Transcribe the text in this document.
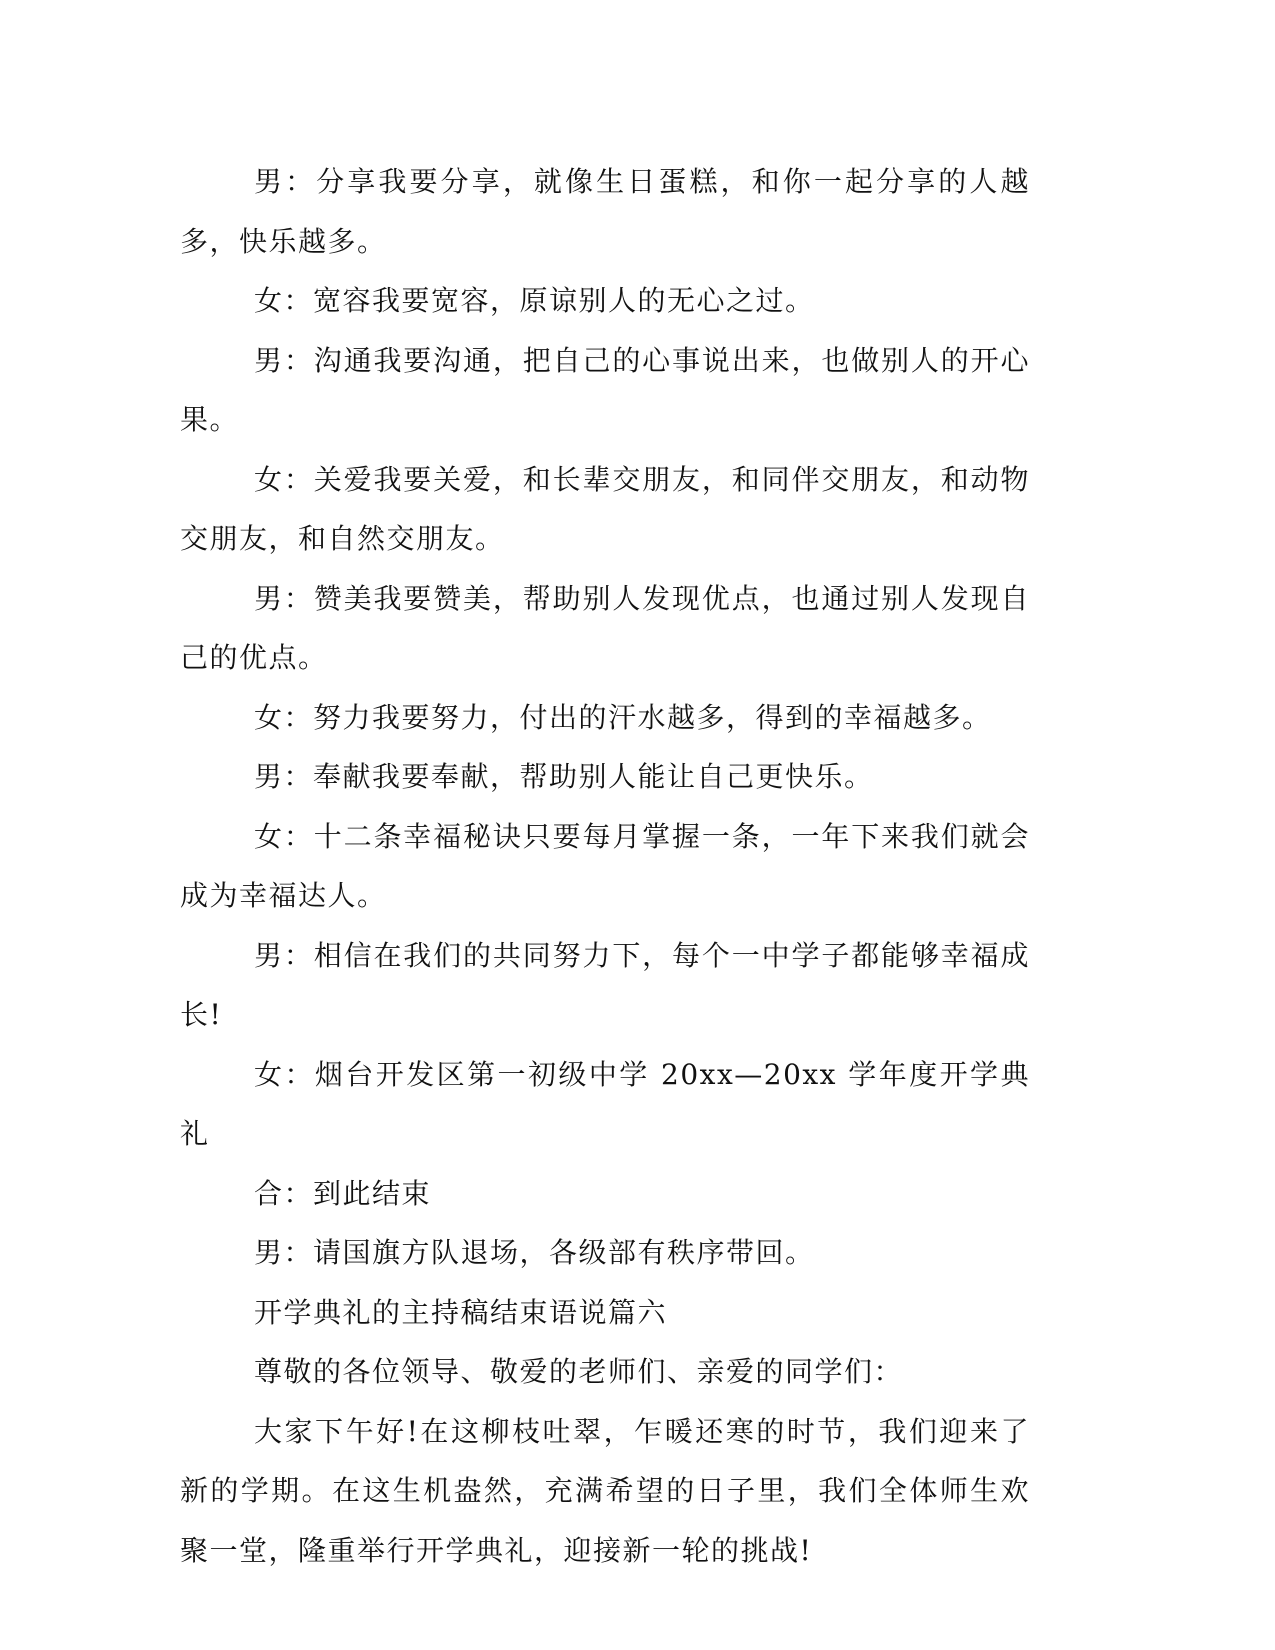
男：分享我要分享，就像生日蛋糕，和你一起分享的人越多，快乐越多。

女：宽容我要宽容，原谅别人的无心之过。

男：沟通我要沟通，把自己的心事说出来，也做别人的开心果。

女：关爱我要关爱，和长辈交朋友，和同伴交朋友，和动物交朋友，和自然交朋友。

男：赞美我要赞美，帮助别人发现优点，也通过别人发现自己的优点。

女：努力我要努力，付出的汗水越多，得到的幸福越多。

男：奉献我要奉献，帮助别人能让自己更快乐。

女：十二条幸福秘诀只要每月掌握一条，一年下来我们就会成为幸福达人。

男：相信在我们的共同努力下，每个一中学子都能够幸福成长!

女：烟台开发区第一初级中学 20xx—20xx 学年度开学典礼

合：到此结束

男：请国旗方队退场，各级部有秩序带回。

开学典礼的主持稿结束语说篇六

尊敬的各位领导、敬爱的老师们、亲爱的同学们：

大家下午好!在这柳枝吐翠，乍暖还寒的时节，我们迎来了新的学期。在这生机盎然，充满希望的日子里，我们全体师生欢聚一堂，隆重举行开学典礼，迎接新一轮的挑战!
